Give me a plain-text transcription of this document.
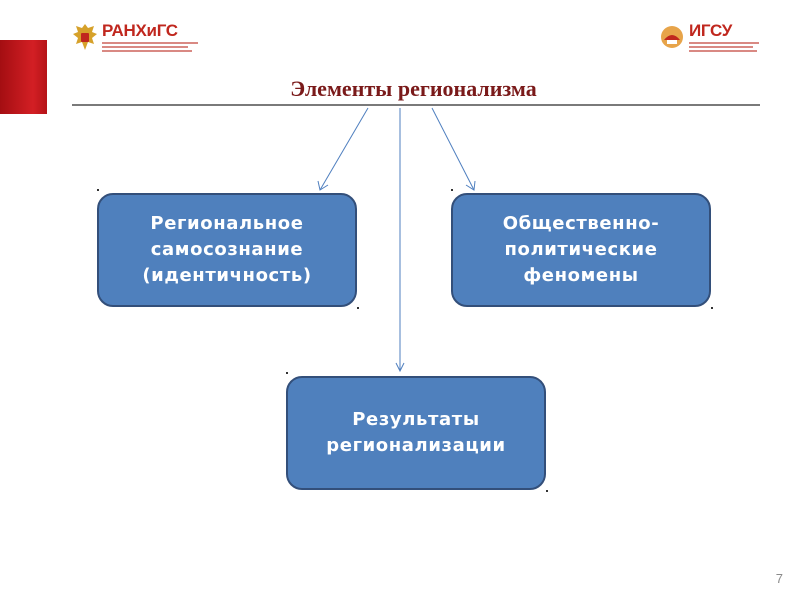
РАНХиГС	ИГСУ
Элементы регионализма
Региональное
самосознание
(идентичность)
Общественно-
политические
феномены
Результаты
регионализации
7
